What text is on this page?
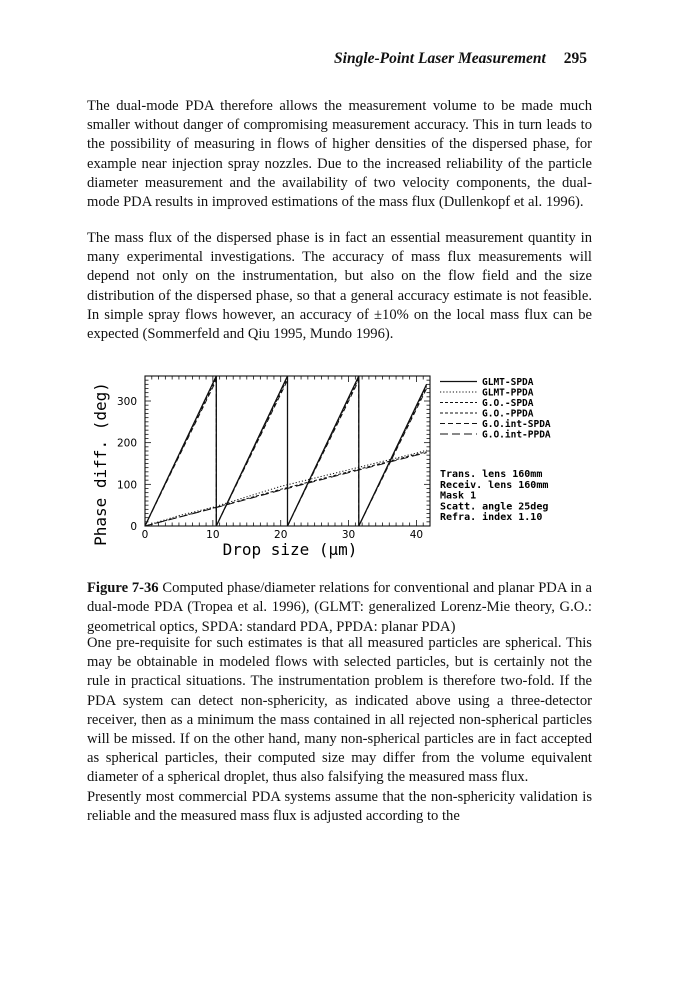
Single-Point Laser Measurement 295

The dual-mode PDA therefore allows the measurement volume to be made much smaller without danger of compromising measurement accuracy. This in turn leads to the possibility of measuring in flows of higher densities of the dispersed phase, for example near injection spray nozzles. Due to the increased reliability of the particle diameter measurement and the availability of two velocity components, the dual-mode PDA results in improved estimations of the mass flux (Dullenkopf et al. 1996).

The mass flux of the dispersed phase is in fact an essential measurement quantity in many experimental investigations. The accuracy of mass flux measurements will depend not only on the instrumentation, but also on the flow field and the size distribution of the dispersed phase, so that a general accuracy estimate is not feasible. In simple spray flows however, an accuracy of ±10% on the local mass flux can be expected (Sommerfeld and Qiu 1995, Mundo 1996).

0	10	20	30	40
0
100
200
300
Phase diff. (deg)
Drop size (μm)
GLMT-SPDA
GLMT-PPDA
G.O.-SPDA
G.O.-PPDA
G.O.int-SPDA
G.O.int-PPDA
Trans. lens 160mm
Receiv. lens 160mm
Mask 1
Scatt. angle 25deg
Refra. index 1.10

Figure 7-36 Computed phase/diameter relations for conventional and planar PDA in a dual-mode PDA (Tropea et al. 1996), (GLMT: generalized Lorenz-Mie theory, G.O.: geometrical optics, SPDA: standard PDA, PPDA: planar PDA)

One pre-requisite for such estimates is that all measured particles are spherical. This may be obtainable in modeled flows with selected particles, but is certainly not the rule in practical situations. The instrumentation problem is therefore two-fold. If the PDA system can detect non-sphericity, as indicated above using a three-detector receiver, then as a minimum the mass contained in all rejected non-spherical particles will be missed. If on the other hand, many non-spherical particles are in fact accepted as spherical particles, their computed size may differ from the volume equivalent diameter of a spherical droplet, thus also falsifying the measured mass flux.

Presently most commercial PDA systems assume that the non-sphericity validation is reliable and the measured mass flux is adjusted according to the
